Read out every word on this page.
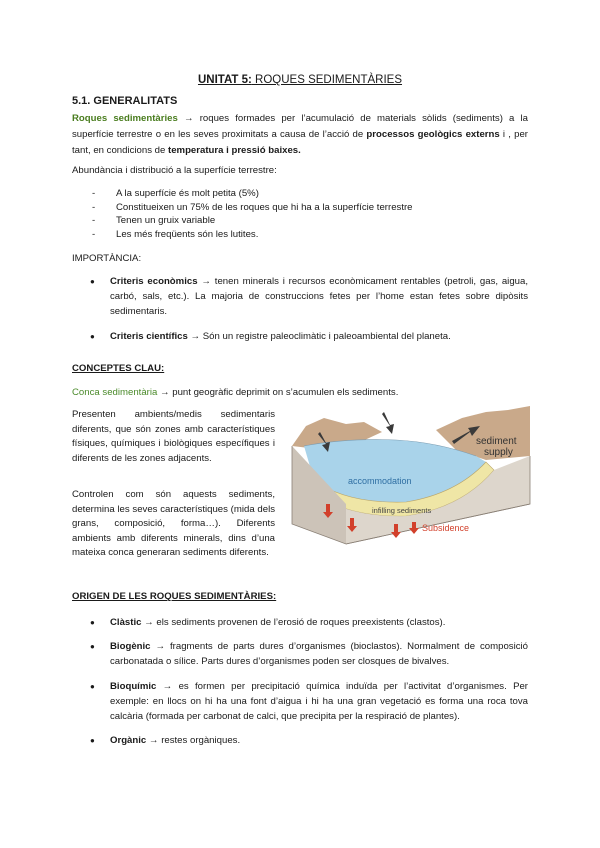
UNITAT 5: ROQUES SEDIMENTÀRIES
5.1. GENERALITATS
Roques sedimentàries → roques formades per l’acumulació de materials sòlids (sediments) a la superfície terrestre o en les seves proximitats a causa de l’acció de processos geològics externs i , per tant, en condicions de temperatura i pressió baixes.
Abundància i distribució a la superfície terrestre:
- A la superfície és molt petita (5%)
- Constitueixen un 75% de les roques que hi ha a la superfície terrestre
- Tenen un gruix variable
- Les més freqüents són les lutites.
IMPORTÀNCIA:
● Criteris econòmics → tenen minerals i recursos econòmicament rentables (petroli, gas, aigua, carbó, sals, etc.). La majoria de construccions fetes per l’home estan fetes sobre dipòsits sedimentaris.
● Criteris científics → Són un registre paleoclimàtic i paleoambiental del planeta.
CONCEPTES CLAU:
Conca sedimentària → punt geogràfic deprimit on s’acumulen els sediments.
Presenten ambients/medis sedimentaris diferents, que són zones amb característiques físiques, químiques i biològiques específiques i diferents de les zones adjacents.
Controlen com són aquests sediments, determina les seves característiques (mida dels grans, composició, forma…). Diferents ambients amb diferents minerals, dins d’una mateixa conca generaran sediments diferents.
sediment
supply
accommodation
infilling sediments
Subsidence
ORIGEN DE LES ROQUES SEDIMENTÀRIES:
● Clàstic → els sediments provenen de l’erosió de roques preexistents (clastos).
● Biogènic → fragments de parts dures d’organismes (bioclastos). Normalment de composició carbonatada o sílice. Parts dures d’organismes poden ser closques de bivalves.
● Bioquímic → es formen per precipitació química induïda per l’activitat d’organismes. Per exemple: en llocs on hi ha una font d’aigua i hi ha una gran vegetació es forma una roca tova calcària (formada per carbonat de calci, que precipita per la respiració de plantes).
● Orgànic → restes orgàniques.
